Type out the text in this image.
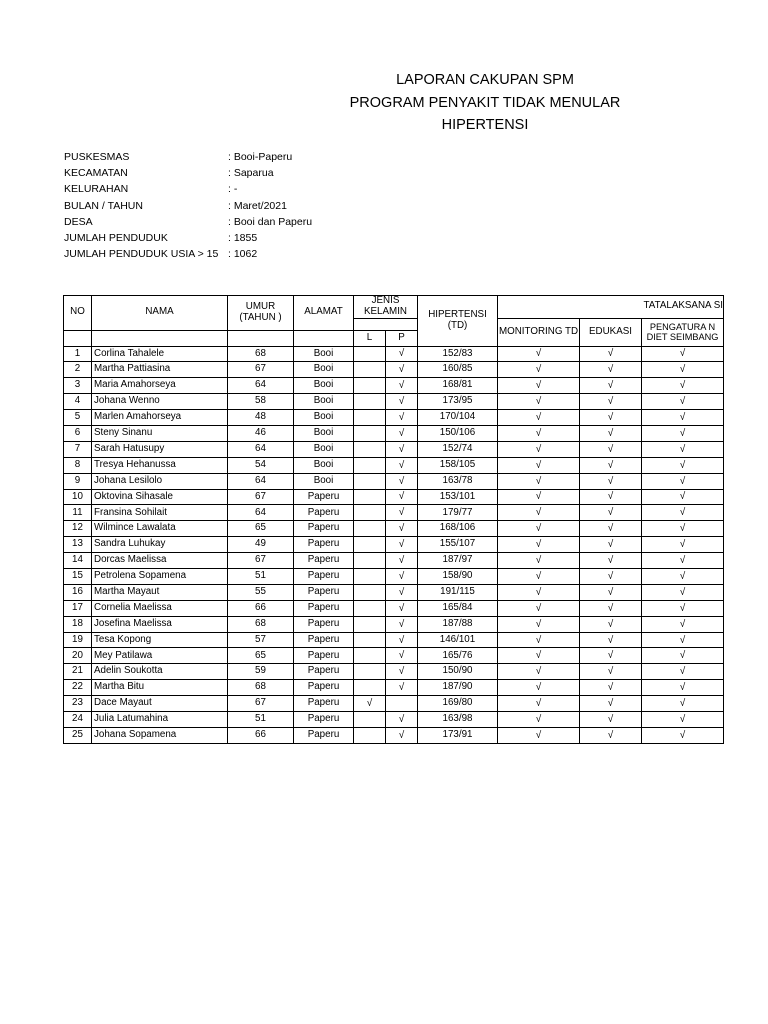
LAPORAN CAKUPAN SPM
PROGRAM PENYAKIT TIDAK MENULAR
HIPERTENSI
PUSKESMAS	: Booi-Paperu
KECAMATAN	: Saparua
KELURAHAN	: -
BULAN / TAHUN	: Maret/2021
DESA	: Booi dan Paperu
JUMLAH PENDUDUK	: 1855
JUMLAH PENDUDUK USIA > 15 : 1062
NO	NAMA	UMUR (TAHUN )	ALAMAT	JENIS KELAMIN		HIPERTENSI (TD)	TATALAKSANA SI		
							MONITORING TD	EDUKASI	PENGATURA N DIET SEIMBANG
				L	P				
1	Corlina Tahalele	68	Booi		√	152/83	√	√	√
2	Martha Pattiasina	67	Booi		√	160/85	√	√	√
3	Maria Amahorseya	64	Booi		√	168/81	√	√	√
4	Johana Wenno	58	Booi		√	173/95	√	√	√
5	Marlen Amahorseya	48	Booi		√	170/104	√	√	√
6	Steny Sinanu	46	Booi		√	150/106	√	√	√
7	Sarah Hatusupy	64	Booi		√	152/74	√	√	√
8	Tresya Hehanussa	54	Booi		√	158/105	√	√	√
9	Johana Lesilolo	64	Booi		√	163/78	√	√	√
10	Oktovina Sihasale	67	Paperu		√	153/101	√	√	√
11	Fransina Sohilait	64	Paperu		√	179/77	√	√	√
12	Wilmince Lawalata	65	Paperu		√	168/106	√	√	√
13	Sandra Luhukay	49	Paperu		√	155/107	√	√	√
14	Dorcas Maelissa	67	Paperu		√	187/97	√	√	√
15	Petrolena Sopamena	51	Paperu		√	158/90	√	√	√
16	Martha Mayaut	55	Paperu		√	191/115	√	√	√
17	Cornelia Maelissa	66	Paperu		√	165/84	√	√	√
18	Josefina Maelissa	68	Paperu		√	187/88	√	√	√
19	Tesa Kopong	57	Paperu		√	146/101	√	√	√
20	Mey Patilawa	65	Paperu		√	165/76	√	√	√
21	Adelin Soukotta	59	Paperu		√	150/90	√	√	√
22	Martha Bitu	68	Paperu		√	187/90	√	√	√
23	Dace Mayaut	67	Paperu	√		169/80	√	√	√
24	Julia Latumahina	51	Paperu		√	163/98	√	√	√
25	Johana Sopamena	66	Paperu		√	173/91	√	√	√
